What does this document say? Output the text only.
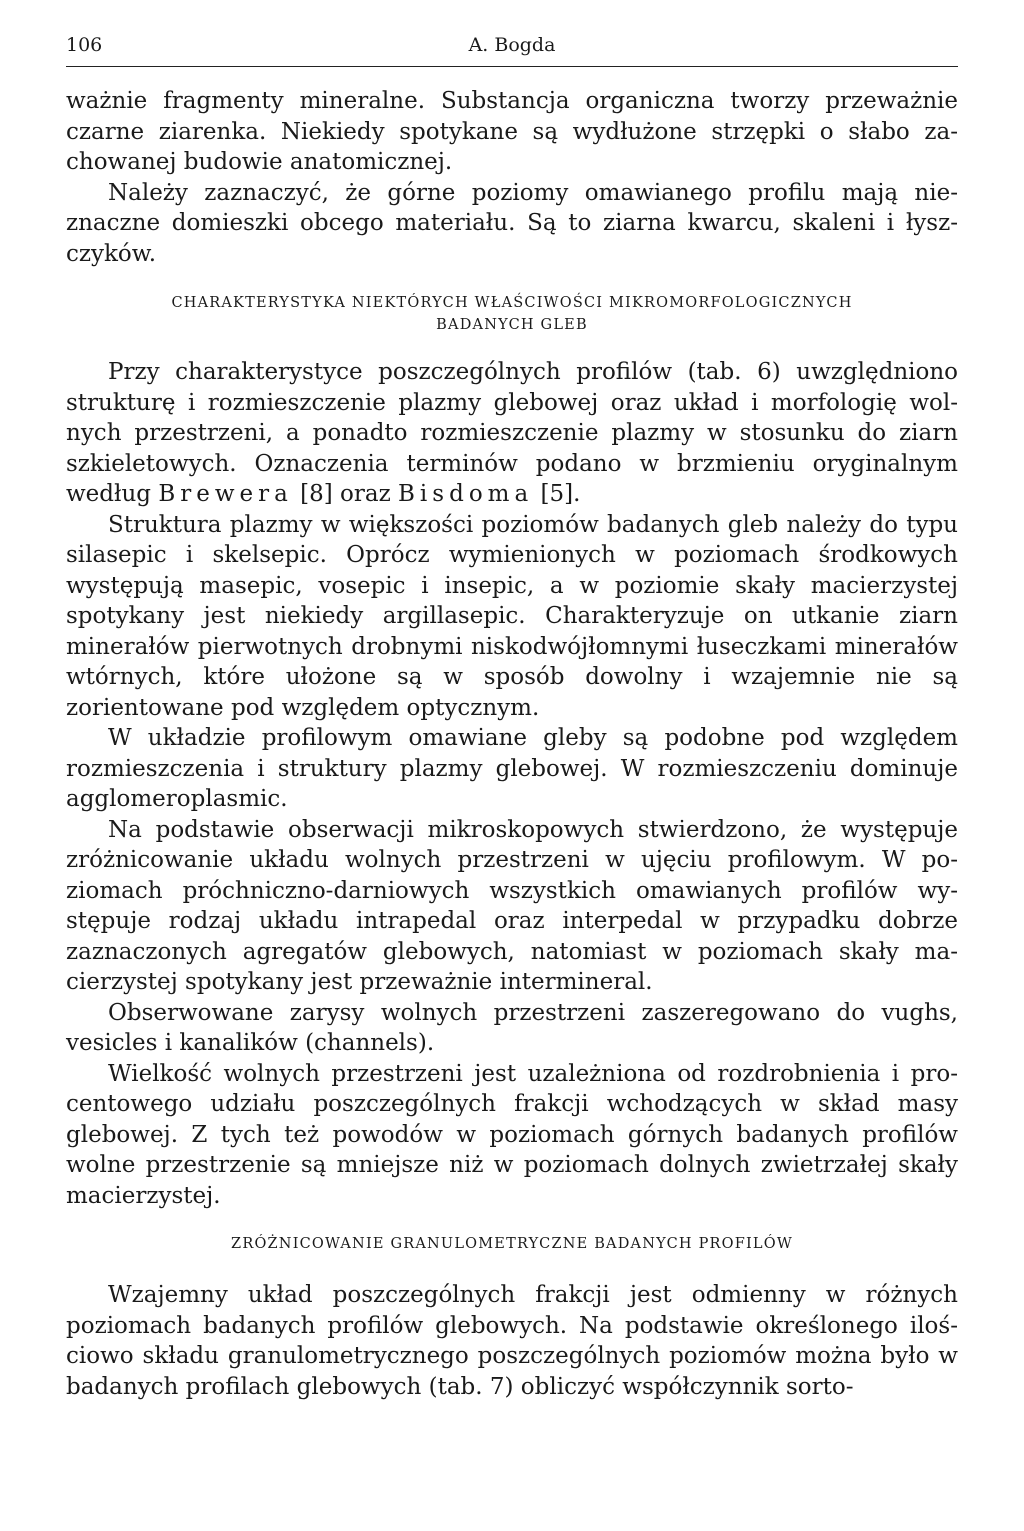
106	A. Bogda

ważnie fragmenty mineralne. Substancja organiczna tworzy przeważnie czarne ziarenka. Niekiedy spotykane są wydłużone strzępki o słabo zachowanej budowie anatomicznej.

Należy zaznaczyć, że górne poziomy omawianego profilu mają nieznaczne domieszki obcego materiału. Są to ziarna kwarcu, skaleni i łyszczyków.

CHARAKTERYSTYKA NIEKTÓRYCH WŁAŚCIWOŚCI MIKROMORFOLOGICZNYCH
BADANYCH GLEB

Przy charakterystyce poszczególnych profilów (tab. 6) uwzględniono strukturę i rozmieszczenie plazmy glebowej oraz układ i morfologię wolnych przestrzeni, a ponadto rozmieszczenie plazmy w stosunku do ziarn szkieletowych. Oznaczenia terminów podano w brzmieniu oryginalnym według Brewera [8] oraz Bisdoma [5].

Struktura plazmy w większości poziomów badanych gleb należy do typu silasepic i skelsepic. Oprócz wymienionych w poziomach środkowych występują masepic, vosepic i insepic, a w poziomie skały macierzystej spotykany jest niekiedy argillasepic. Charakteryzuje on utkanie ziarn minerałów pierwotnych drobnymi niskodwójłomnymi łuseczkami minerałów wtórnych, które ułożone są w sposób dowolny i wzajemnie nie są zorientowane pod względem optycznym.

W układzie profilowym omawiane gleby są podobne pod względem rozmieszczenia i struktury plazmy glebowej. W rozmieszczeniu dominuje agglomeroplasmic.

Na podstawie obserwacji mikroskopowych stwierdzono, że występuje zróżnicowanie układu wolnych przestrzeni w ujęciu profilowym. W poziomach próchniczno-darniowych wszystkich omawianych profilów występuje rodzaj układu intrapedal oraz interpedal w przypadku dobrze zaznaczonych agregatów glebowych, natomiast w poziomach skały macierzystej spotykany jest przeważnie intermineral.

Obserwowane zarysy wolnych przestrzeni zaszeregowano do vughs, vesicles i kanalików (channels).

Wielkość wolnych przestrzeni jest uzależniona od rozdrobnienia i procentowego udziału poszczególnych frakcji wchodzących w skład masy glebowej. Z tych też powodów w poziomach górnych badanych profilów wolne przestrzenie są mniejsze niż w poziomach dolnych zwietrzałej skały macierzystej.

ZRÓŻNICOWANIE GRANULOMETRYCZNE BADANYCH PROFILÓW

Wzajemny układ poszczególnych frakcji jest odmienny w różnych poziomach badanych profilów glebowych. Na podstawie określonego ilościowo składu granulometrycznego poszczególnych poziomów można było w badanych profilach glebowych (tab. 7) obliczyć współczynnik sorto-
